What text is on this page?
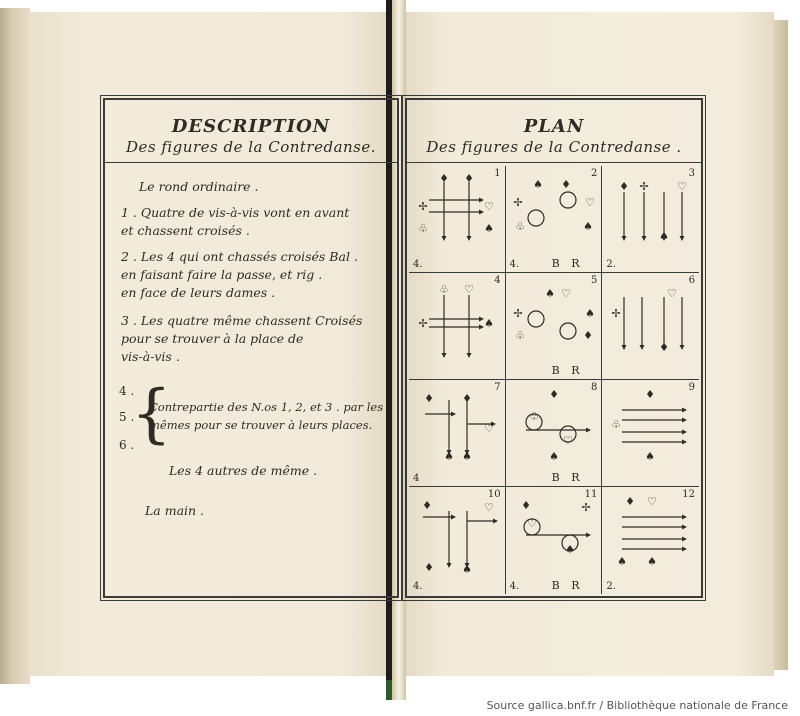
DESCRIPTION
Des figures de la Contredanse.
Le rond ordinaire .
1 . Quatre de vis-à-vis vont en avant
et chassent croisés .
2 . Les 4 qui ont chassés croisés Bal .
en faisant faire la passe, et rig .
en face de leurs dames .
3 . Les quatre même chassent Croisés
pour se trouver à la place de
vis-à-vis .
4 .
5 .
6 .
{
Contrepartie des N.os 1, 2, et 3 . par les
mêmes pour se trouver à leurs places.
Les 4 autres de même .
La main .
PLAN
Des figures de la Contredanse .
✢	♡
♧	♠
♦ ♦ 1
4.
✢	♡
♧	♠
♦
♠
2
4.	B R
♦ ✢	♡
♠
3
2.
♧ ♡
✢	♠
4
✢	♠
♧	♦
♠ ♡
5
B R
✢
♡
♦
6
♦	♦
♡
♠ ♠
7
4
♦
♧
♡
♠
8
B R
♦
♧
♠
9
♦	♡
♦	♠
10
4.
♦
♡
✢
♠
11
4.	B R
♦ ♡
♠ ♠
12
2.
Source gallica.bnf.fr / Bibliothèque nationale de France
